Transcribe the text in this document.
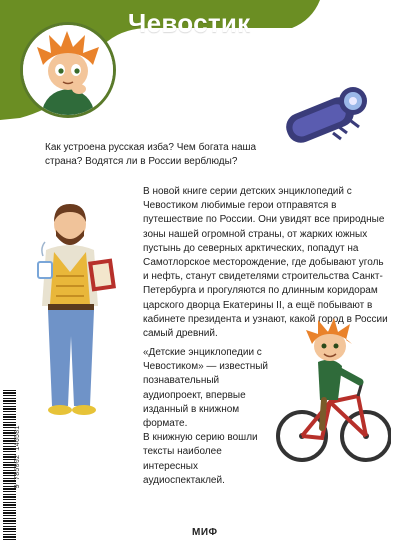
Чевостик
Как устроена русская изба? Чем богата наша страна? Водятся ли в России верблюды?
В новой книге серии детских энциклопедий с Чевостиком любимые герои отправятся в путешествие по России. Они увидят все природные зоны нашей огромной страны, от жарких южных пустынь до северных арктических, попадут на Самотлорское месторождение, где добывают уголь и нефть, станут свидетелями строительства Санкт-Петербурга и прогуляются по длинным коридорам царского дворца Екатерины II, а ещё побывают в кабинете президента и узнают, какой город в России самый древний.

«Детские энциклопедии с Чевостиком» — известный познавательный аудиопроект, впервые изданный в книжном формате.

В книжную серию вошли тексты наиболее интересных аудиоспектаклей.

9 785002 146581
МИФ
